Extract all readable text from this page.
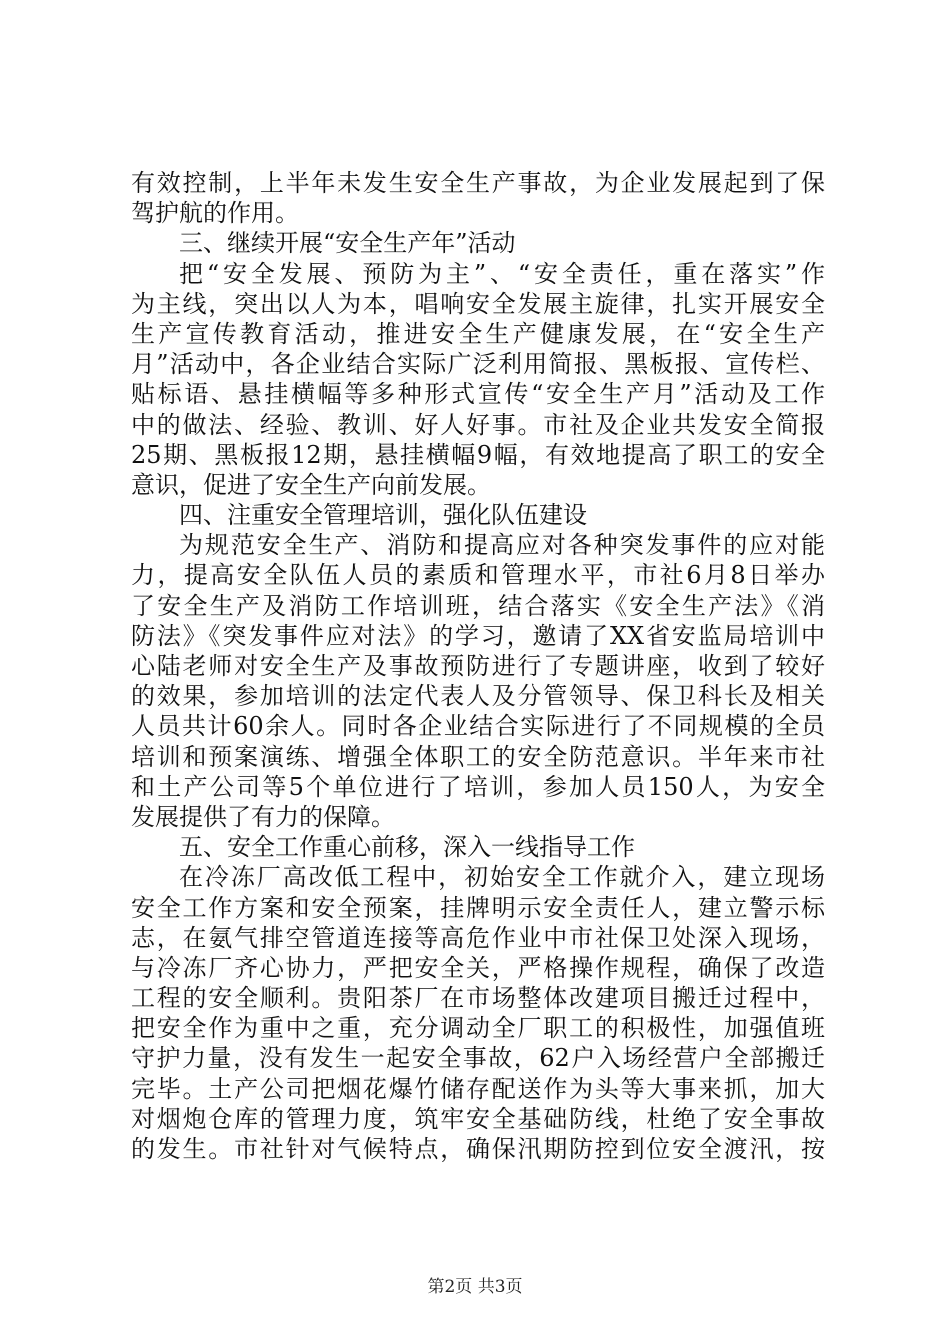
有效控制，上半年未发生安全生产事故，为企业发展起到了保
驾护航的作用。
三、继续开展“安全生产年”活动
把“安全发展、预防为主”、“安全责任，重在落实”作
为主线，突出以人为本，唱响安全发展主旋律，扎实开展安全
生产宣传教育活动，推进安全生产健康发展，在“安全生产
月”活动中，各企业结合实际广泛利用简报、黑板报、宣传栏、
贴标语、悬挂横幅等多种形式宣传“安全生产月”活动及工作
中的做法、经验、教训、好人好事。市社及企业共发安全简报
25期、黑板报12期，悬挂横幅9幅，有效地提高了职工的安全
意识，促进了安全生产向前发展。
四、注重安全管理培训，强化队伍建设
为规范安全生产、消防和提高应对各种突发事件的应对能
力，提高安全队伍人员的素质和管理水平，市社6月8日举办
了安全生产及消防工作培训班，结合落实《安全生产法》《消
防法》《突发事件应对法》的学习，邀请了XX省安监局培训中
心陆老师对安全生产及事故预防进行了专题讲座，收到了较好
的效果，参加培训的法定代表人及分管领导、保卫科长及相关
人员共计60余人。同时各企业结合实际进行了不同规模的全员
培训和预案演练、增强全体职工的安全防范意识。半年来市社
和土产公司等5个单位进行了培训，参加人员150人，为安全
发展提供了有力的保障。
五、安全工作重心前移，深入一线指导工作
在冷冻厂高改低工程中，初始安全工作就介入，建立现场
安全工作方案和安全预案，挂牌明示安全责任人，建立警示标
志，在氨气排空管道连接等高危作业中市社保卫处深入现场，
与冷冻厂齐心协力，严把安全关，严格操作规程，确保了改造
工程的安全顺利。贵阳茶厂在市场整体改建项目搬迁过程中，
把安全作为重中之重，充分调动全厂职工的积极性，加强值班
守护力量，没有发生一起安全事故，62户入场经营户全部搬迁
完毕。土产公司把烟花爆竹储存配送作为头等大事来抓，加大
对烟炮仓库的管理力度，筑牢安全基础防线，杜绝了安全事故
的发生。市社针对气候特点，确保汛期防控到位安全渡汛，按
第2页 共3页
